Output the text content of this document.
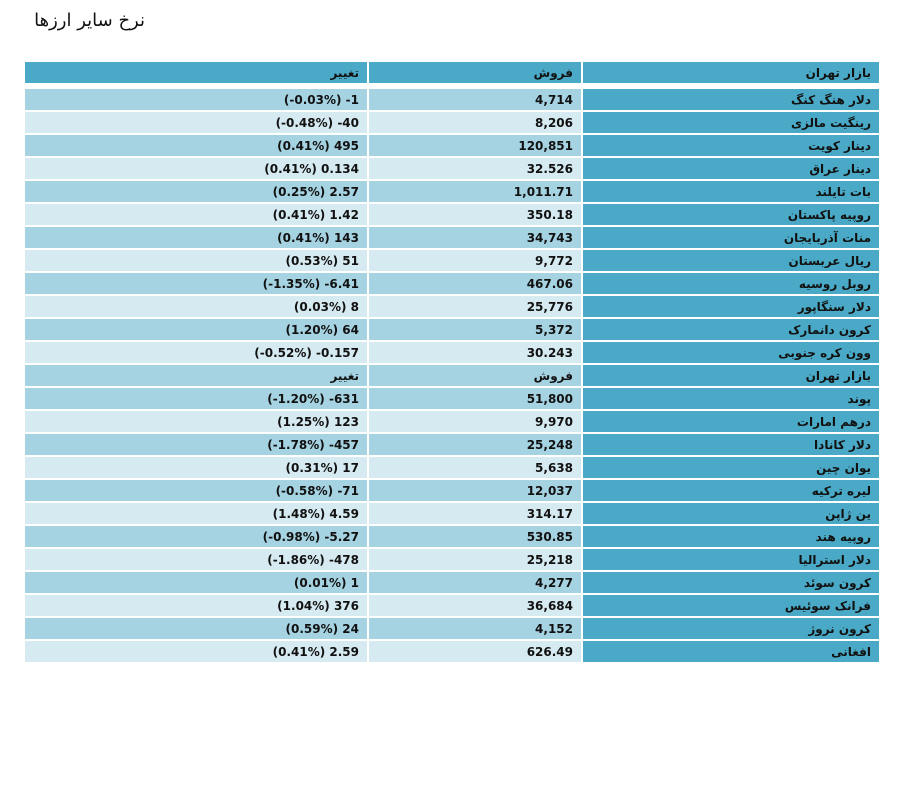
نرخ سایر ارزها
بازار تهران	فروش	تغییر

دلار هنگ کنگ	4,714	(-0.03%) -1
رینگیت مالزی	8,206	(-0.48%) -40
دینار کویت	120,851	(0.41%) 495
دینار عراق	32.526	(0.41%) 0.134
بات تایلند	1,011.71	(0.25%) 2.57
روپیه پاکستان	350.18	(0.41%) 1.42
منات آذربایجان	34,743	(0.41%) 143
ریال عربستان	9,772	(0.53%) 51
روبل روسیه	467.06	(-1.35%) -6.41
دلار سنگاپور	25,776	(0.03%) 8
کرون دانمارک	5,372	(1.20%) 64
وون کره جنوبی	30.243	(-0.52%) -0.157
بازار تهران	فروش	تغییر
پوند	51,800	(-1.20%) -631
درهم امارات	9,970	(1.25%) 123
دلار کانادا	25,248	(-1.78%) -457
یوان چین	5,638	(0.31%) 17
لیره ترکیه	12,037	(-0.58%) -71
ین ژاپن	314.17	(1.48%) 4.59
روپیه هند	530.85	(-0.98%) -5.27
دلار استرالیا	25,218	(-1.86%) -478
کرون سوئد	4,277	(0.01%) 1
فرانک سوئیس	36,684	(1.04%) 376
کرون نروژ	4,152	(0.59%) 24
افغانی	626.49	(0.41%) 2.59
